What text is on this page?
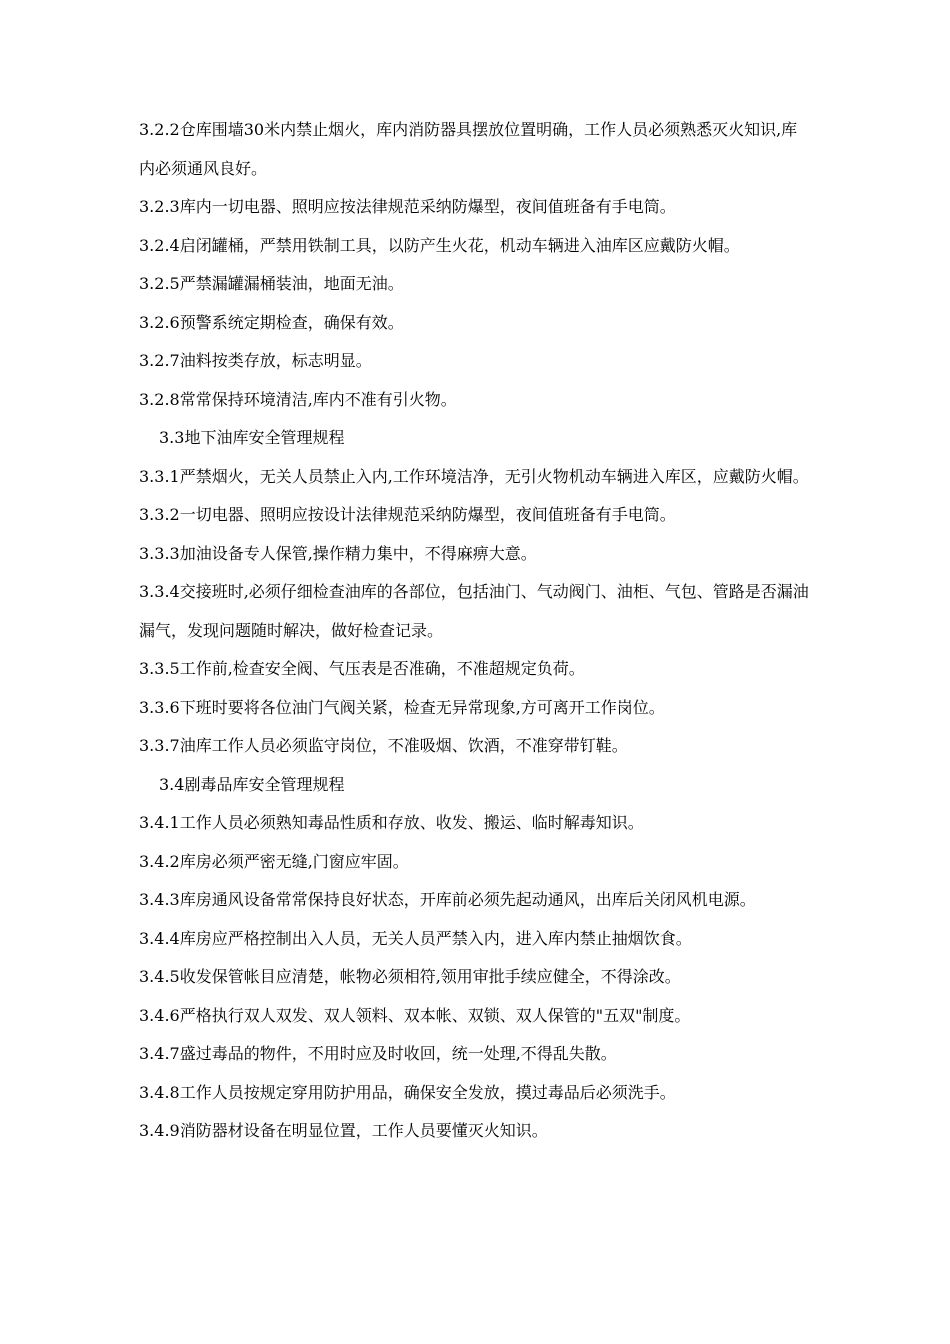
3.2.2仓库围墙30米内禁止烟火，库内消防器具摆放位置明确，工作人员必须熟悉灭火知识,库内必须通风良好。

3.2.3库内一切电器、照明应按法律规范采纳防爆型，夜间值班备有手电筒。

3.2.4启闭罐桶，严禁用铁制工具，以防产生火花，机动车辆进入油库区应戴防火帽。

3.2.5严禁漏罐漏桶装油，地面无油。

3.2.6预警系统定期检查，确保有效。

3.2.7油料按类存放，标志明显。

3.2.8常常保持环境清洁,库内不准有引火物。

3.3地下油库安全管理规程

3.3.1严禁烟火，无关人员禁止入内,工作环境洁净，无引火物机动车辆进入库区，应戴防火帽。

3.3.2一切电器、照明应按设计法律规范采纳防爆型，夜间值班备有手电筒。

3.3.3加油设备专人保管,操作精力集中，不得麻痹大意。

3.3.4交接班时,必须仔细检查油库的各部位，包括油门、气动阀门、油柜、气包、管路是否漏油漏气，发现问题随时解决，做好检查记录。

3.3.5工作前,检查安全阀、气压表是否准确，不准超规定负荷。

3.3.6下班时要将各位油门气阀关紧，检查无异常现象,方可离开工作岗位。

3.3.7油库工作人员必须监守岗位，不准吸烟、饮酒，不准穿带钉鞋。

3.4剧毒品库安全管理规程

3.4.1工作人员必须熟知毒品性质和存放、收发、搬运、临时解毒知识。

3.4.2库房必须严密无缝,门窗应牢固。

3.4.3库房通风设备常常保持良好状态，开库前必须先起动通风，出库后关闭风机电源。

3.4.4库房应严格控制出入人员，无关人员严禁入内，进入库内禁止抽烟饮食。

3.4.5收发保管帐目应清楚，帐物必须相符,领用审批手续应健全，不得涂改。

3.4.6严格执行双人双发、双人领料、双本帐、双锁、双人保管的"五双"制度。

3.4.7盛过毒品的物件，不用时应及时收回，统一处理,不得乱失散。

3.4.8工作人员按规定穿用防护用品，确保安全发放，摸过毒品后必须洗手。

3.4.9消防器材设备在明显位置，工作人员要懂灭火知识。
